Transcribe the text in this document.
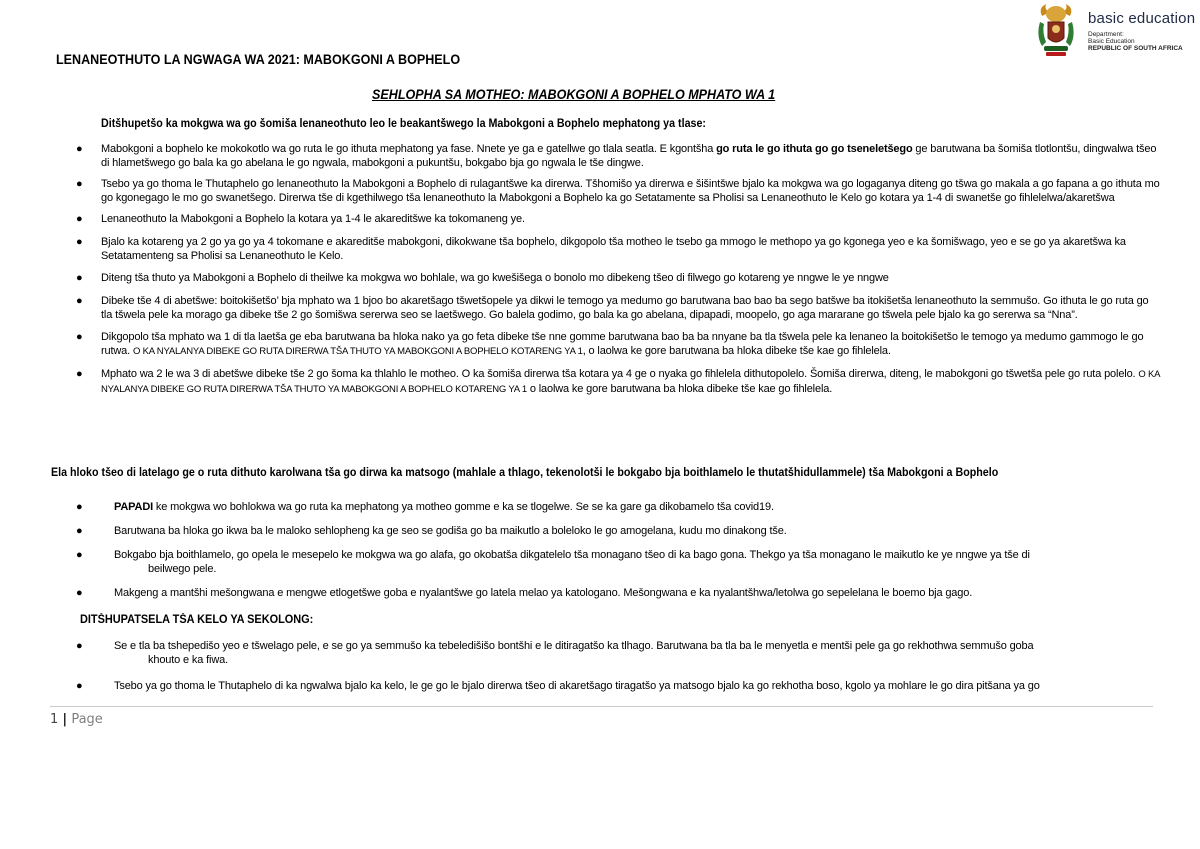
basic education
Department:
Basic Education
REPUBLIC OF SOUTH AFRICA
LENANEOTHUTO LA NGWAGA WA 2021: MABOKGONI A BOPHELO
SEHLOPHA SA MOTHEO: MABOKGONI A BOPHELO MPHATO WA 1
Ditšhupetšo ka mokgwa wa go šomiša lenaneothuto leo le beakantšwego la Mabokgoni a Bophelo mephatong ya tlase:
● Mabokgoni a bophelo ke mokokotlo wa go ruta le go ithuta mephatong ya fase. Nnete ye ga e gatellwe go tlala seatla. E kgontšha go ruta le go ithuta go go tseneletšego ge barutwana ba šomiša tlotlontšu, dingwalwa tšeo di hlametšwego go bala ka go abelana le go ngwala, mabokgoni a pukuntšu, bokgabo bja go ngwala le tše dingwe.
● Tsebo ya go thoma le Thutaphelo go lenaneothuto la Mabokgoni a Bophelo di rulagantšwe ka direrwa. Tšhomišo ya direrwa e šišintšwe bjalo ka mokgwa wa go logaganya diteng go tšwa go makala a go fapana a go ithuta mo go kgonegago le mo go swanetšego. Direrwa tše di kgethilwego tša lenaneothuto la Mabokgoni a Bophelo ka go Setatamente sa Pholisi sa Lenaneothuto le Kelo go kotara ya 1-4 di swanetše go fihlelelwa/akaretšwa
● Lenaneothuto la Mabokgoni a Bophelo la kotara ya 1-4 le akareditšwe ka tokomaneng ye.
● Bjalo ka kotareng ya 2 go ya go ya 4 tokomane e akareditše mabokgoni, dikokwane tša bophelo, dikgopolo tša motheo le tsebo ga mmogo le methopo ya go kgonega yeo e ka šomišwago, yeo e se go ya akaretšwa ka Setatamenteng sa Pholisi sa Lenaneothuto le Kelo.
● Diteng tša thuto ya Mabokgoni a Bophelo di theilwe ka mokgwa wo bohlale, wa go kwešišega o bonolo mo dibekeng tšeo di filwego go kotareng ye nngwe le ye nngwe
● Dibeke tše 4 di abetšwe: boitokišetšo’ bja mphato wa 1 bjoo bo akaretšago tšwetšopele ya dikwi le temogo ya medumo go barutwana bao bao ba sego batšwe ba itokišetša lenaneothuto la semmušo. Go ithuta le go ruta go tla tšwela pele ka morago ga dibeke tše 2 go šomišwa sererwa seo se laetšwego. Go balela godimo, go bala ka go abelana, dipapadi, moopelo, go aga mararane go tšwela pele bjalo ka go sererwa sa “Nna”.
● Dikgopolo tša mphato wa 1 di tla laetša ge eba barutwana ba hloka nako ya go feta dibeke tše nne gomme barutwana bao ba ba nnyane ba tla tšwela pele ka lenaneo la boitokišetšo le temogo ya medumo gammogo le go rutwa. O KA NYALANYA DIBEKE GO RUTA DIRERWA TŠA THUTO YA MABOKGONI A BOPHELO KOTARENG YA 1, o laolwa ke gore barutwana ba hloka dibeke tše kae go fihlelela.
● Mphato wa 2 le wa 3 di abetšwe dibeke tše 2 go šoma ka thlahlo le motheo. O ka šomiša direrwa tša kotara ya 4 ge o nyaka go fihlelela dithutopolelo. Šomiša direrwa, diteng, le mabokgoni go tšwetša pele go ruta polelo. O KA NYALANYA DIBEKE GO RUTA DIRERWA TŠA THUTO YA MABOKGONI A BOPHELO KOTARENG YA 1 o laolwa ke gore barutwana ba hloka dibeke tše kae go fihlelela.
Ela hloko tšeo di latelago ge o ruta dithuto karolwana tša go dirwa ka matsogo (mahlale a thlago, tekenolotši le bokgabo bja boithlamelo le thutatšhidullammele) tša Mabokgoni a Bophelo
●	PAPADI ke mokgwa wo bohlokwa wa go ruta ka mephatong ya motheo gomme e ka se tlogelwe. Se se ka gare ga dikobamelo tša covid19.
●	Barutwana ba hloka go ikwa ba le maloko sehlopheng ka ge seo se godiša go ba maikutlo a boleloko le go amogelana, kudu mo dinakong tše.
●	Bokgabo bja boithlamelo, go opela le mesepelo ke mokgwa wa go alafa, go okobatša dikgatelelo tša monagano tšeo di ka bago gona. Thekgo ya tša monagano le maikutlo ke ye nngwe ya tše di
beilwego pele.
●	Makgeng a mantšhi mešongwana e mengwe etlogetšwe goba e nyalantšwe go latela melao ya katologano. Mešongwana e ka nyalantšhwa/letolwa go sepelelana le boemo bja gago.
DITŠHUPATSELA TŠA KELO YA SEKOLONG:
●	Se e tla ba tshepedišo yeo e tšwelago pele, e se go ya semmušo ka tebeledišišo bontšhi e le ditiragatšo ka tlhago. Barutwana ba tla ba le menyetla e mentši pele ga go rekhothwa semmušo goba
khouto e ka fiwa.
●	Tsebo ya go thoma le Thutaphelo di ka ngwalwa bjalo ka kelo, le ge go le bjalo direrwa tšeo di akaretšago tiragatšo ya matsogo bjalo ka go rekhotha boso, kgolo ya mohlare le go dira pitšana ya go
1 | Page
